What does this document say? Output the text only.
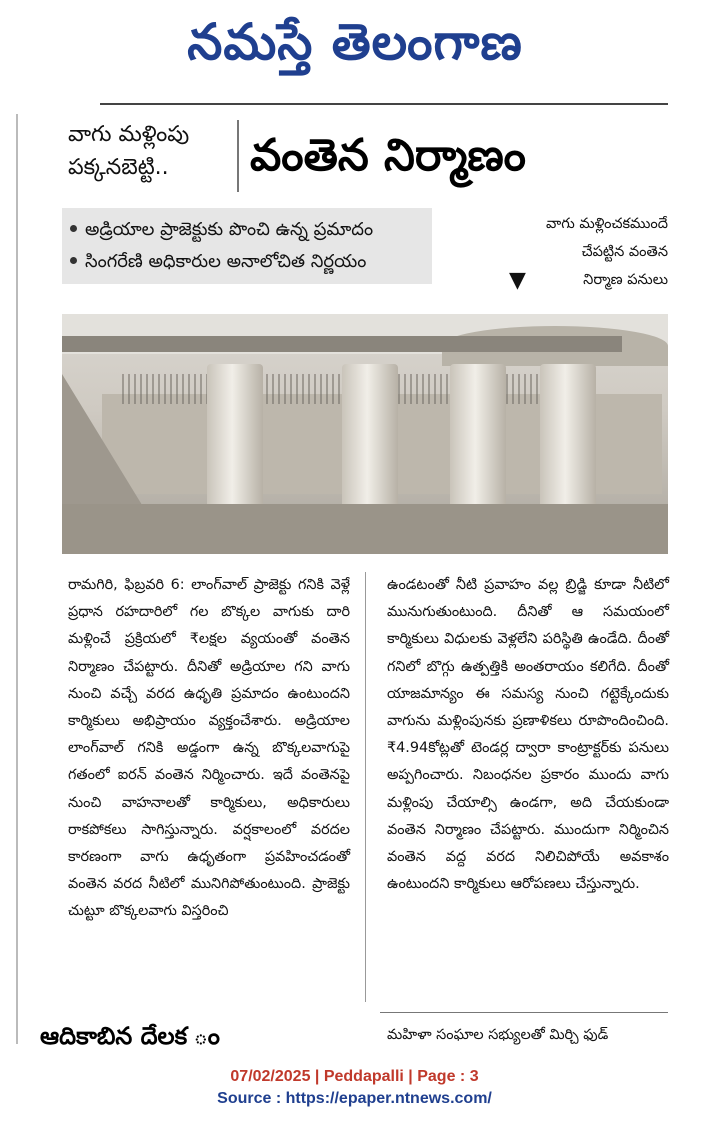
నమస్తే తెలంగాణ
వాగు మళ్లింపు
పక్కనబెట్టి..	వంతెన నిర్మాణం
అడ్రియాల ప్రాజెక్టుకు పొంచి ఉన్న ప్రమాదం
సింగరేణి అధికారుల అనాలోచిత నిర్ణయం
వాగు మళ్లించకముందే
చేపట్టిన వంతెన
నిర్మాణ పనులు
▼
రామగిరి, ఫిబ్రవరి 6: లాంగ్‌వాల్ ప్రాజెక్టు గనికి వెళ్లే ప్రధాన రహదారిలో గల బొక్కల వాగుకు దారి మళ్లించే ప్రక్రియలో ₹లక్షల వ్యయంతో వంతెన నిర్మాణం చేపట్టారు. దీనితో అడ్రియాల గని వాగు నుంచి వచ్చే వరద ఉధృతి ప్రమాదం ఉంటుందని కార్మికులు అభిప్రాయం వ్యక్తంచేశారు. అడ్రియాల లాంగ్‌వాల్ గనికి అడ్డంగా ఉన్న బొక్కలవాగుపై గతంలో ఐరన్ వంతెన నిర్మించారు. ఇదే వంతెనపై నుంచి వాహనాలతో కార్మికులు, అధికారులు రాకపోకలు సాగిస్తున్నారు. వర్షకాలంలో వరదల కారణంగా వాగు ఉధృతంగా ప్రవహించడంతో వంతెన వరద నీటిలో మునిగిపోతుంటుంది. ప్రాజెక్టు చుట్టూ బొక్కలవాగు విస్తరించి
ఉండటంతో నీటి ప్రవాహం వల్ల బ్రిడ్జి కూడా నీటిలో మునుగుతుంటుంది. దీనితో ఆ సమయంలో కార్మికులు విధులకు వెళ్లలేని పరిస్థితి ఉండేది. దీంతో గనిలో బొగ్గు ఉత్పత్తికి అంతరాయం కలిగేది. దీంతో యాజమాన్యం ఈ సమస్య నుంచి గట్టెక్కేందుకు వాగును మళ్లింపునకు ప్రణాళికలు రూపొందించింది. ₹4.94కోట్లతో టెండర్ల ద్వారా కాంట్రాక్టర్‌కు పనులు అప్పగించారు. నిబంధనల ప్రకారం ముందు వాగు మళ్లింపు చేయాల్సి ఉండగా, అది చేయకుండా వంతెన నిర్మాణం చేపట్టారు. ముందుగా నిర్మించిన వంతెన వద్ద వరద నిలిచిపోయే అవకాశం ఉంటుందని కార్మికులు ఆరోపణలు చేస్తున్నారు.
ఆదికాబిన దేలక ం	మహిళా సంఘాల సభ్యులతో మిర్చి ఫుడ్
07/02/2025 | Peddapalli | Page : 3
Source : https://epaper.ntnews.com/
